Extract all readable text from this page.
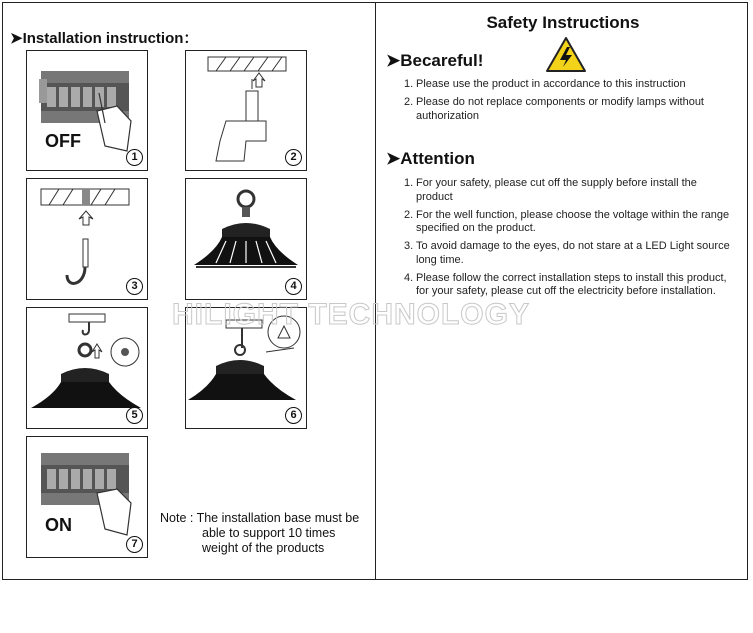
➤Installation instruction：
OFF
1	2
3	4
5	6
ON
7
Note : The installation base must be
able to support 10 times
weight of the products
Safety Instructions
➤Becareful!
1. Please use the product in accordance to this instruction
2. Please do not replace components or modify lamps without authorization
➤Attention
1. For your safety, please cut off the supply before install the product
2. For the well function, please choose the voltage within the range specified on the product.
3. To avoid damage to the eyes, do not stare at a LED Light source long time.
4. Please follow the correct installation steps to install this product, for your safety, please cut off the electricity before installation.
HILIGHT TECHNOLOGY
